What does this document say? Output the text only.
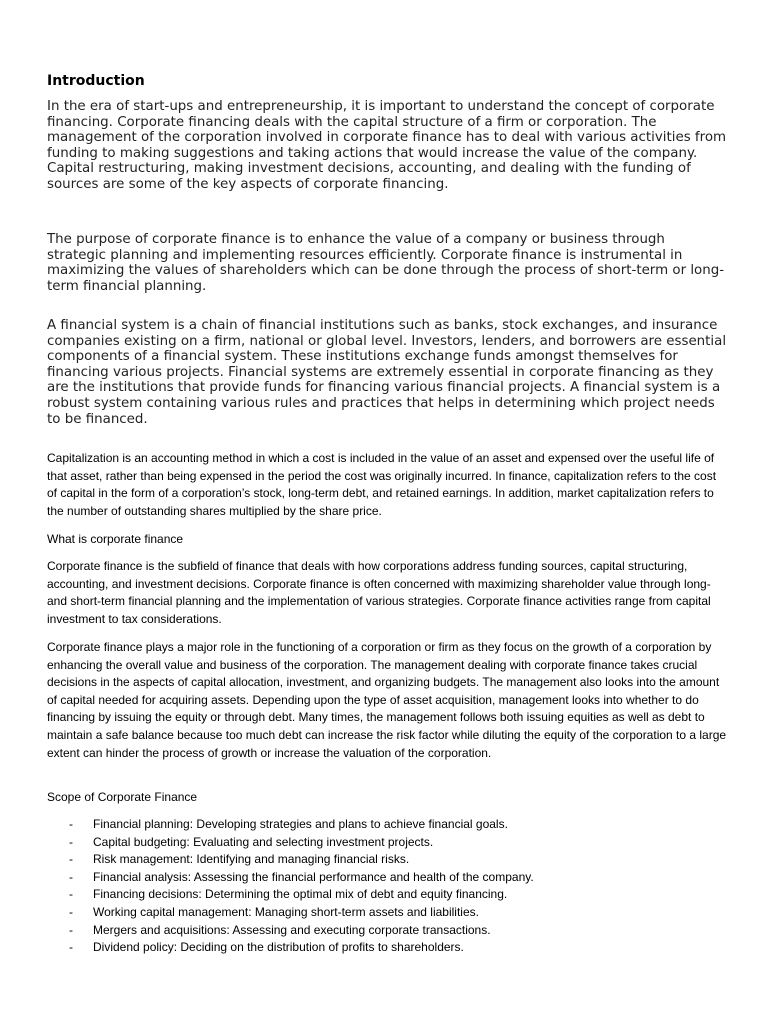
Introduction

In the era of start-ups and entrepreneurship, it is important to understand the concept of corporate financing. Corporate financing deals with the capital structure of a firm or corporation. The management of the corporation involved in corporate finance has to deal with various activities from funding to making suggestions and taking actions that would increase the value of the company. Capital restructuring, making investment decisions, accounting, and dealing with the funding of sources are some of the key aspects of corporate financing.

The purpose of corporate finance is to enhance the value of a company or business through strategic planning and implementing resources efficiently. Corporate finance is instrumental in maximizing the values of shareholders which can be done through the process of short-term or long-term financial planning.

A financial system is a chain of financial institutions such as banks, stock exchanges, and insurance companies existing on a firm, national or global level. Investors, lenders, and borrowers are essential components of a financial system. These institutions exchange funds amongst themselves for financing various projects. Financial systems are extremely essential in corporate financing as they are the institutions that provide funds for financing various financial projects. A financial system is a robust system containing various rules and practices that helps in determining which project needs to be financed.

Capitalization is an accounting method in which a cost is included in the value of an asset and expensed over the useful life of that asset, rather than being expensed in the period the cost was originally incurred. In finance, capitalization refers to the cost of capital in the form of a corporation’s stock, long-term debt, and retained earnings. In addition, market capitalization refers to the number of outstanding shares multiplied by the share price.

What is corporate finance

Corporate finance is the subfield of finance that deals with how corporations address funding sources, capital structuring, accounting, and investment decisions. Corporate finance is often concerned with maximizing shareholder value through long- and short-term financial planning and the implementation of various strategies. Corporate finance activities range from capital investment to tax considerations.

Corporate finance plays a major role in the functioning of a corporation or firm as they focus on the growth of a corporation by enhancing the overall value and business of the corporation. The management dealing with corporate finance takes crucial decisions in the aspects of capital allocation, investment, and organizing budgets. The management also looks into the amount of capital needed for acquiring assets. Depending upon the type of asset acquisition, management looks into whether to do financing by issuing the equity or through debt. Many times, the management follows both issuing equities as well as debt to maintain a safe balance because too much debt can increase the risk factor while diluting the equity of the corporation to a large extent can hinder the process of growth or increase the valuation of the corporation.

Scope of Corporate Finance

- Financial planning: Developing strategies and plans to achieve financial goals.
- Capital budgeting: Evaluating and selecting investment projects.
- Risk management: Identifying and managing financial risks.
- Financial analysis: Assessing the financial performance and health of the company.
- Financing decisions: Determining the optimal mix of debt and equity financing.
- Working capital management: Managing short-term assets and liabilities.
- Mergers and acquisitions: Assessing and executing corporate transactions.
- Dividend policy: Deciding on the distribution of profits to shareholders.
